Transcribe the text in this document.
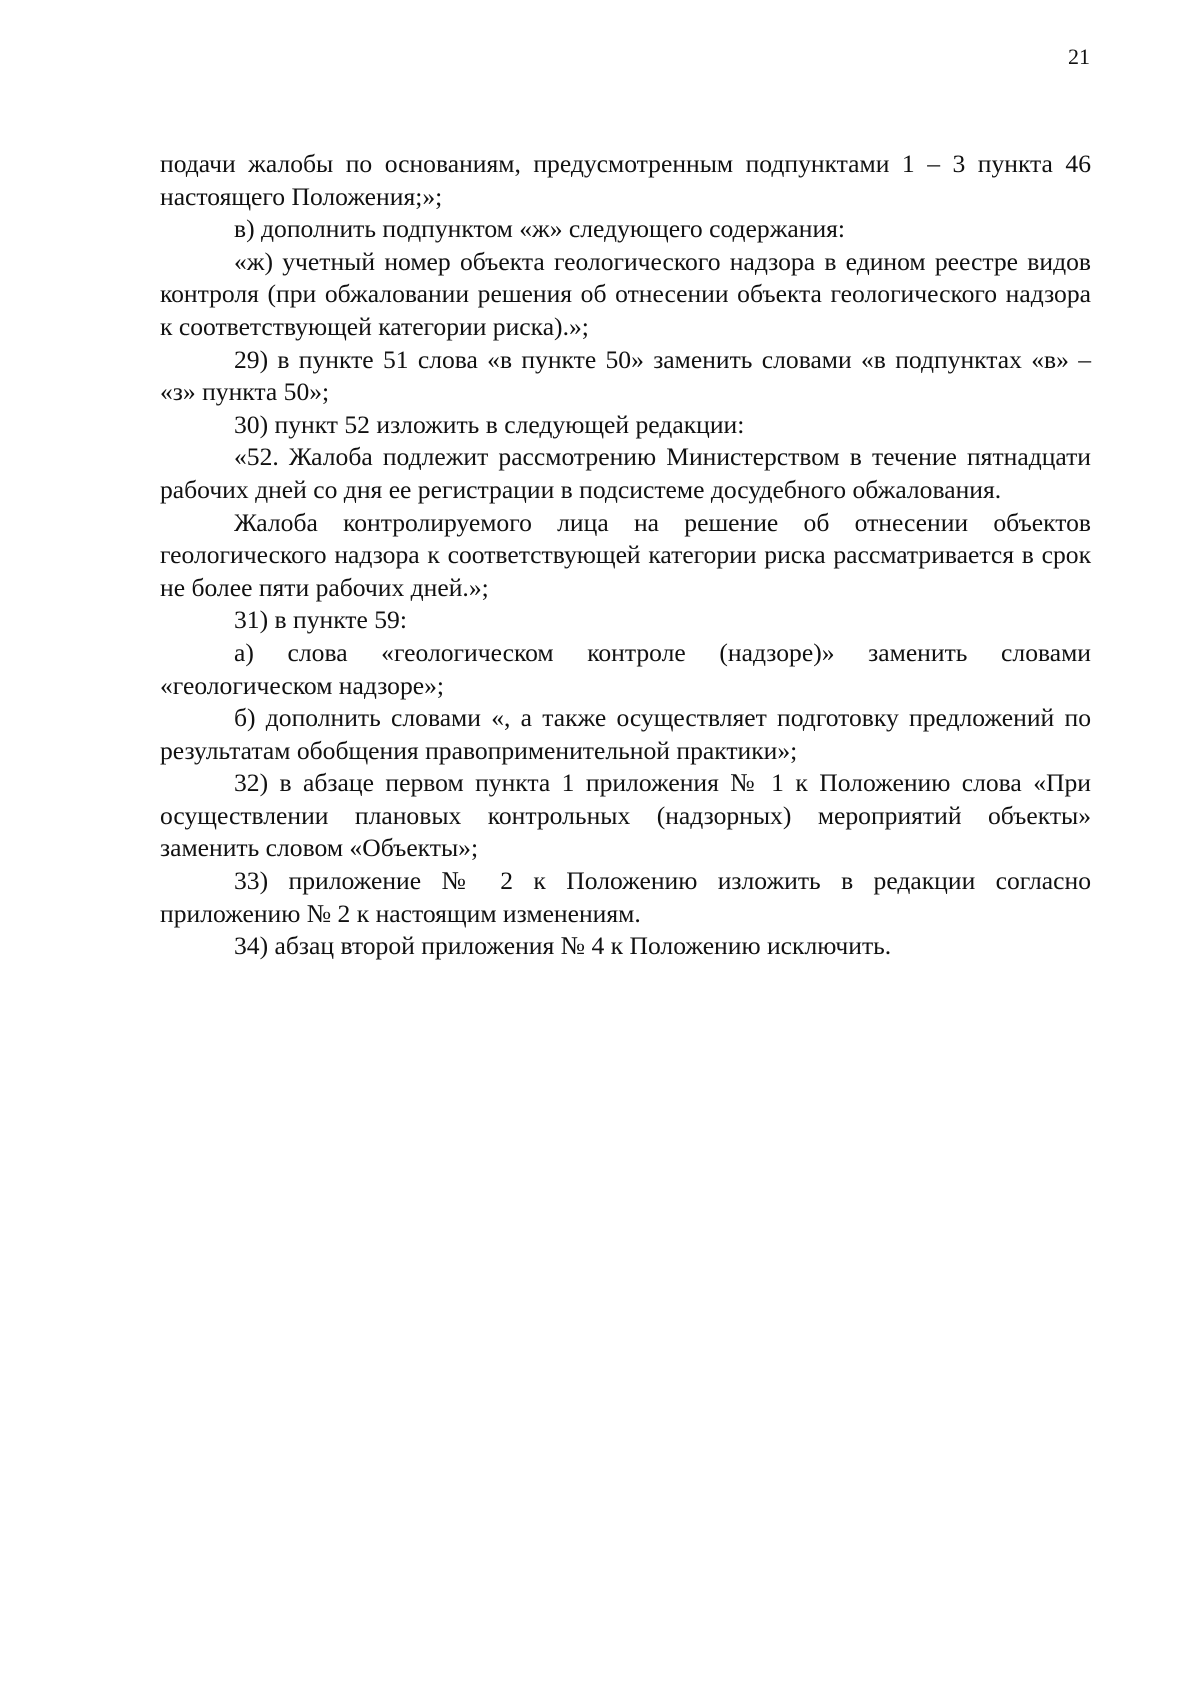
21

подачи жалобы по основаниям, предусмотренным подпунктами 1 – 3 пункта 46 настоящего Положения;»;

в) дополнить подпунктом «ж» следующего содержания:

«ж) учетный номер объекта геологического надзора в едином реестре видов контроля (при обжаловании решения об отнесении объекта геологического надзора к соответствующей категории риска).»;

29) в пункте 51 слова «в пункте 50» заменить словами «в подпунктах «в» – «з» пункта 50»;

30) пункт 52 изложить в следующей редакции:

«52. Жалоба подлежит рассмотрению Министерством в течение пятнадцати рабочих дней со дня ее регистрации в подсистеме досудебного обжалования.

Жалоба контролируемого лица на решение об отнесении объектов геологического надзора к соответствующей категории риска рассматривается в срок не более пяти рабочих дней.»;

31) в пункте 59:

а) слова «геологическом контроле (надзоре)» заменить словами «геологическом надзоре»;

б) дополнить словами «, а также осуществляет подготовку предложений по результатам обобщения правоприменительной практики»;

32) в абзаце первом пункта 1 приложения № 1 к Положению слова «При осуществлении плановых контрольных (надзорных) мероприятий объекты» заменить словом «Объекты»;

33) приложение № 2 к Положению изложить в редакции согласно приложению № 2 к настоящим изменениям.

34) абзац второй приложения № 4 к Положению исключить.
